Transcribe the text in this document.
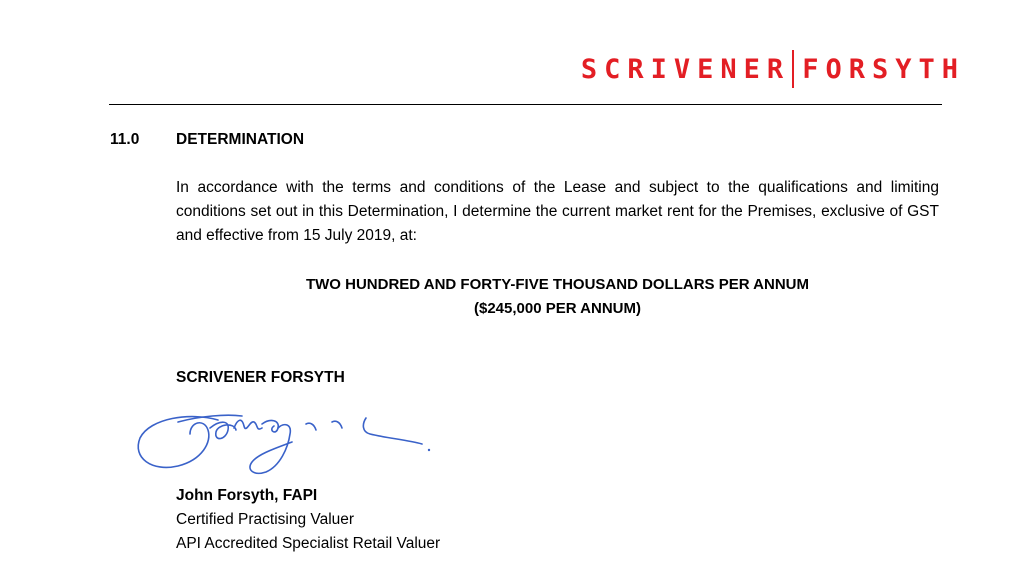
SCRIVENER FORSYTH
11.0 DETERMINATION
In accordance with the terms and conditions of the Lease and subject to the qualifications and limiting conditions set out in this Determination, I determine the current market rent for the Premises, exclusive of GST and effective from 15 July 2019, at:
TWO HUNDRED AND FORTY-FIVE THOUSAND DOLLARS PER ANNUM
($245,000 PER ANNUM)
SCRIVENER FORSYTH
John Forsyth, FAPI
Certified Practising Valuer
API Accredited Specialist Retail Valuer
